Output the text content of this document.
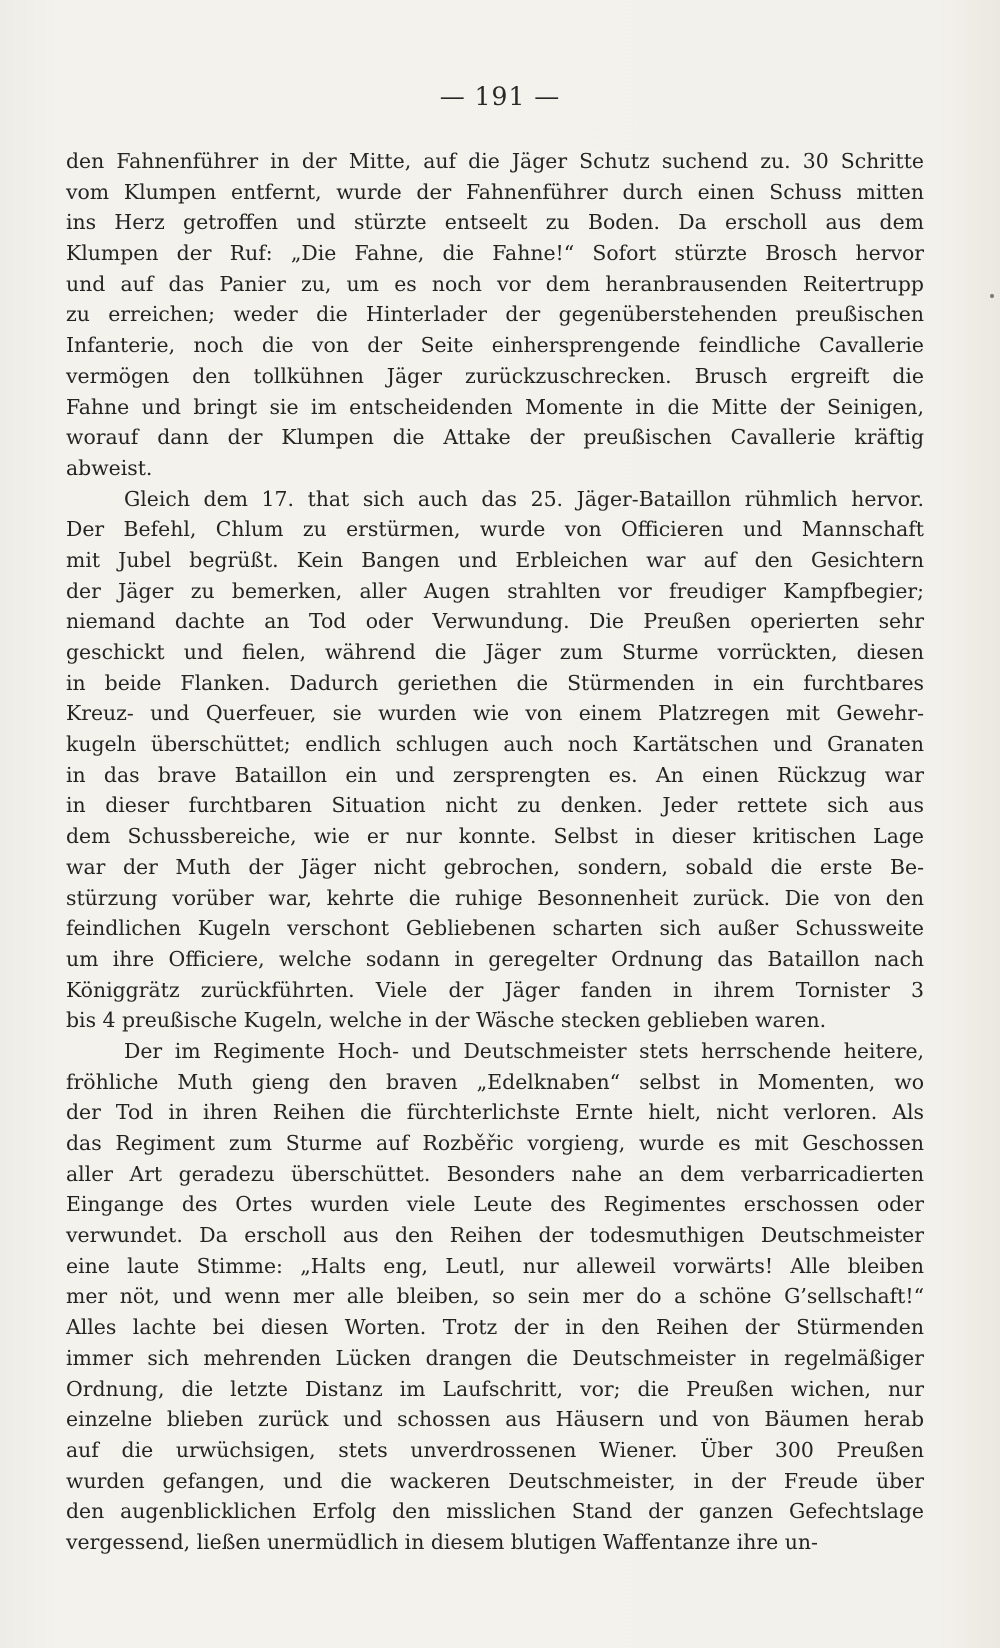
— 191 —
den Fahnenführer in der Mitte, auf die Jäger Schutz suchend zu. 30 Schritte
vom Klumpen entfernt, wurde der Fahnenführer durch einen Schuss mitten
ins Herz getroffen und stürzte entseelt zu Boden. Da erscholl aus dem
Klumpen der Ruf: „Die Fahne, die Fahne!“ Sofort stürzte Brosch hervor
und auf das Panier zu, um es noch vor dem heranbrausenden Reitertrupp
zu erreichen; weder die Hinterlader der gegenüberstehenden preußischen
Infanterie, noch die von der Seite einhersprengende feindliche Cavallerie
vermögen den tollkühnen Jäger zurückzuschrecken. Brusch ergreift die
Fahne und bringt sie im entscheidenden Momente in die Mitte der Seinigen,
worauf dann der Klumpen die Attake der preußischen Cavallerie kräftig
abweist.
Gleich dem 17. that sich auch das 25. Jäger-Bataillon rühmlich hervor.
Der Befehl, Chlum zu erstürmen, wurde von Officieren und Mannschaft
mit Jubel begrüßt. Kein Bangen und Erbleichen war auf den Gesichtern
der Jäger zu bemerken, aller Augen strahlten vor freudiger Kampfbegier;
niemand dachte an Tod oder Verwundung. Die Preußen operierten sehr
geschickt und fielen, während die Jäger zum Sturme vorrückten, diesen
in beide Flanken. Dadurch geriethen die Stürmenden in ein furchtbares
Kreuz- und Querfeuer, sie wurden wie von einem Platzregen mit Gewehr-
kugeln überschüttet; endlich schlugen auch noch Kartätschen und Granaten
in das brave Bataillon ein und zersprengten es. An einen Rückzug war
in dieser furchtbaren Situation nicht zu denken. Jeder rettete sich aus
dem Schussbereiche, wie er nur konnte. Selbst in dieser kritischen Lage
war der Muth der Jäger nicht gebrochen, sondern, sobald die erste Be-
stürzung vorüber war, kehrte die ruhige Besonnenheit zurück. Die von den
feindlichen Kugeln verschont Gebliebenen scharten sich außer Schussweite
um ihre Officiere, welche sodann in geregelter Ordnung das Bataillon nach
Königgrätz zurückführten. Viele der Jäger fanden in ihrem Tornister 3
bis 4 preußische Kugeln, welche in der Wäsche stecken geblieben waren.
Der im Regimente Hoch- und Deutschmeister stets herrschende heitere,
fröhliche Muth gieng den braven „Edelknaben“ selbst in Momenten, wo
der Tod in ihren Reihen die fürchterlichste Ernte hielt, nicht verloren. Als
das Regiment zum Sturme auf Rozběřic vorgieng, wurde es mit Geschossen
aller Art geradezu überschüttet. Besonders nahe an dem verbarricadierten
Eingange des Ortes wurden viele Leute des Regimentes erschossen oder
verwundet. Da erscholl aus den Reihen der todesmuthigen Deutschmeister
eine laute Stimme: „Halts eng, Leutl, nur alleweil vorwärts! Alle bleiben
mer nöt, und wenn mer alle bleiben, so sein mer do a schöne G’sellschaft!“
Alles lachte bei diesen Worten. Trotz der in den Reihen der Stürmenden
immer sich mehrenden Lücken drangen die Deutschmeister in regelmäßiger
Ordnung, die letzte Distanz im Laufschritt, vor; die Preußen wichen, nur
einzelne blieben zurück und schossen aus Häusern und von Bäumen herab
auf die urwüchsigen, stets unverdrossenen Wiener. Über 300 Preußen
wurden gefangen, und die wackeren Deutschmeister, in der Freude über
den augenblicklichen Erfolg den misslichen Stand der ganzen Gefechtslage
vergessend, ließen unermüdlich in diesem blutigen Waffentanze ihre un-
